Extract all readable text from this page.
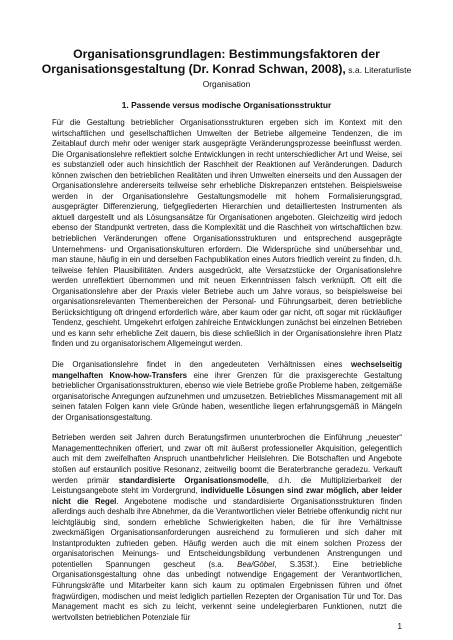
Organisationsgrundlagen: Bestimmungsfaktoren der Organisationsgestaltung (Dr. Konrad Schwan, 2008), s.a. Literaturliste
Organisation
1. Passende versus modische Organisationsstruktur

Für die Gestaltung betrieblicher Organisationsstrukturen ergeben sich im Kontext mit den wirtschaftlichen und gesellschaftlichen Umwelten der Betriebe allgemeine Tendenzen, die im Zeitablauf durch mehr oder weniger stark ausgeprägte Veränderungsprozesse beeinflusst werden. Die Organisationslehre reflektiert solche Entwicklungen in recht unterschiedlicher Art und Weise, sei es substanziell oder auch hinsichtlich der Raschheit der Reaktionen auf Veränderungen. Dadurch können zwischen den betrieblichen Realitäten und ihren Umwelten einerseits und den Aussagen der Organisationslehre andererseits teilweise sehr erhebliche Diskrepanzen entstehen. Beispielsweise werden in der Organisationslehre Gestaltungsmodelle mit hohem Formalisierungsgrad, ausgeprägter Differenzierung, tiefgegliederten Hierarchien und detailliertesten Instrumenten als aktuell dargestellt und als Lösungsansätze für Organisationen angeboten. Gleichzeitig wird jedoch ebenso der Standpunkt vertreten, dass die Komplexität und die Raschheit von wirtschaftlichen bzw. betrieblichen Veränderungen offene Organisationsstrukturen und entsprechend ausgeprägte Unternehmens- und Organisationskulturen erfordern. Die Widersprüche sind unübersehbar und, man staune, häufig in ein und derselben Fachpublikation eines Autors friedlich vereint zu finden, d.h. teilweise fehlen Plausibilitäten. Anders ausgedrückt, alte Versatzstücke der Organisationslehre werden unreflektiert übernommen und mit neuen Erkenntnissen falsch verknüpft. Oft eilt die Organisationslehre aber der Praxis vieler Betriebe auch um Jahre voraus, so beispielsweise bei organisationsrelevanten Themenbereichen der Personal- und Führungsarbeit, deren betriebliche Berücksichtigung oft dringend erforderlich wäre, aber kaum oder gar nicht, oft sogar mit rückläufiger Tendenz, geschieht. Umgekehrt erfolgen zahlreiche Entwicklungen zunächst bei einzelnen Betrieben und es kann sehr erhebliche Zeit dauern, bis diese schließlich in der Organisationslehre ihren Platz finden und zu organisatorischem Allgemeingut werden.

Die Organisationslehre findet in den angedeuteten Verhältnissen eines wechselseitig mangelhaften Know-how-Transfers eine ihrer Grenzen für die praxisgerechte Gestaltung betrieblicher Organisationsstrukturen, ebenso wie viele Betriebe große Probleme haben, zeitgemäße organisatorische Anregungen aufzunehmen und umzusetzen. Betriebliches Missmanagement mit all seinen fatalen Folgen kann viele Gründe haben, wesentliche liegen erfahrungsgemäß in Mängeln der Organisationsgestaltung.

Betrieben werden seit Jahren durch Beratungsfirmen ununterbrochen die Einführung „neuester“ Managementtechniken offeriert, und zwar oft mit äußerst professioneller Akquisition, gelegentlich auch mit dem zweifelhaften Anspruch unantbehrlicher Heilslehren. Die Botschaften und Angebote stoßen auf erstaunlich positive Resonanz, zeitweilig boomt die Beraterbranche geradezu. Verkauft werden primär standardisierte Organisationsmodelle, d.h. die Multiplizierbarkeit der Leistungsangebote steht im Vordergrund, individuelle Lösungen sind zwar möglich, aber leider nicht die Regel. Angebotene modische und standardisierte Organisationsstrukturen finden allerdings auch deshalb ihre Abnehmer, da die Verantwortlichen vieler Betriebe offenkundig nicht nur leichtgläubig sind, sondern erhebliche Schwierigkeiten haben, die für ihre Verhältnisse zweckmäßigen Organisationsanforderungen ausreichend zu formulieren und sich daher mit Instantprodukten zufrieden geben. Häufig werden auch die mit einem solchen Prozess der organisatorischen Meinungs- und Entscheidungsbildung verbundenen Anstrengungen und potentiellen Spannungen gescheut (s.a. Bea/Göbel, S.353f.). Eine betriebliche Organisationsgestaltung ohne das unbedingt notwendige Engagement der Verantwortlichen, Führungskräfte und Mitarbeiter kann sich kaum zu optimalen Ergebnissen führen und öfnet fragwürdigen, modischen und meist lediglich partiellen Rezepten der Organisation Tür und Tor. Das Management macht es sich zu leicht, verkennt seine undelegierbaren Funktionen, nutzt die wertvollsten betrieblichen Potenziale für

1
